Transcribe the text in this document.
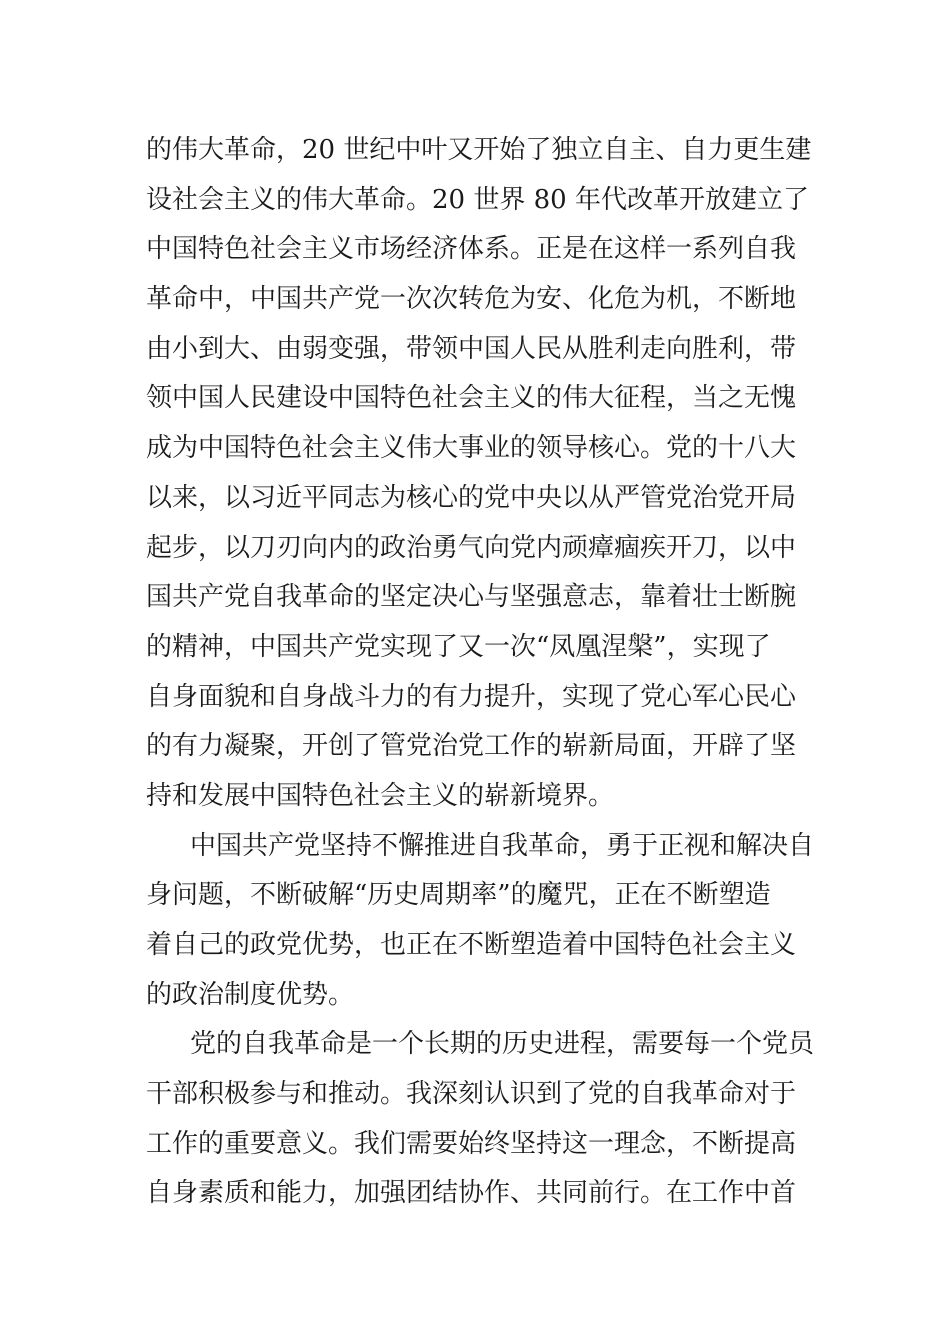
的伟大革命，20 世纪中叶又开始了独立自主、自力更生建
设社会主义的伟大革命。20 世界 80 年代改革开放建立了
中国特色社会主义市场经济体系。正是在这样一系列自我
革命中，中国共产党一次次转危为安、化危为机，不断地
由小到大、由弱变强，带领中国人民从胜利走向胜利，带
领中国人民建设中国特色社会主义的伟大征程，当之无愧
成为中国特色社会主义伟大事业的领导核心。党的十八大
以来，以习近平同志为核心的党中央以从严管党治党开局
起步，以刀刃向内的政治勇气向党内顽瘴痼疾开刀，以中
国共产党自我革命的坚定决心与坚强意志，靠着壮士断腕
的精神，中国共产党实现了又一次“凤凰涅槃”，实现了
自身面貌和自身战斗力的有力提升，实现了党心军心民心
的有力凝聚，开创了管党治党工作的崭新局面，开辟了坚
持和发展中国特色社会主义的崭新境界。
中国共产党坚持不懈推进自我革命，勇于正视和解决自
身问题，不断破解“历史周期率”的魔咒，正在不断塑造
着自己的政党优势，也正在不断塑造着中国特色社会主义
的政治制度优势。
党的自我革命是一个长期的历史进程，需要每一个党员
干部积极参与和推动。我深刻认识到了党的自我革命对于
工作的重要意义。我们需要始终坚持这一理念，不断提高
自身素质和能力，加强团结协作、共同前行。在工作中首
